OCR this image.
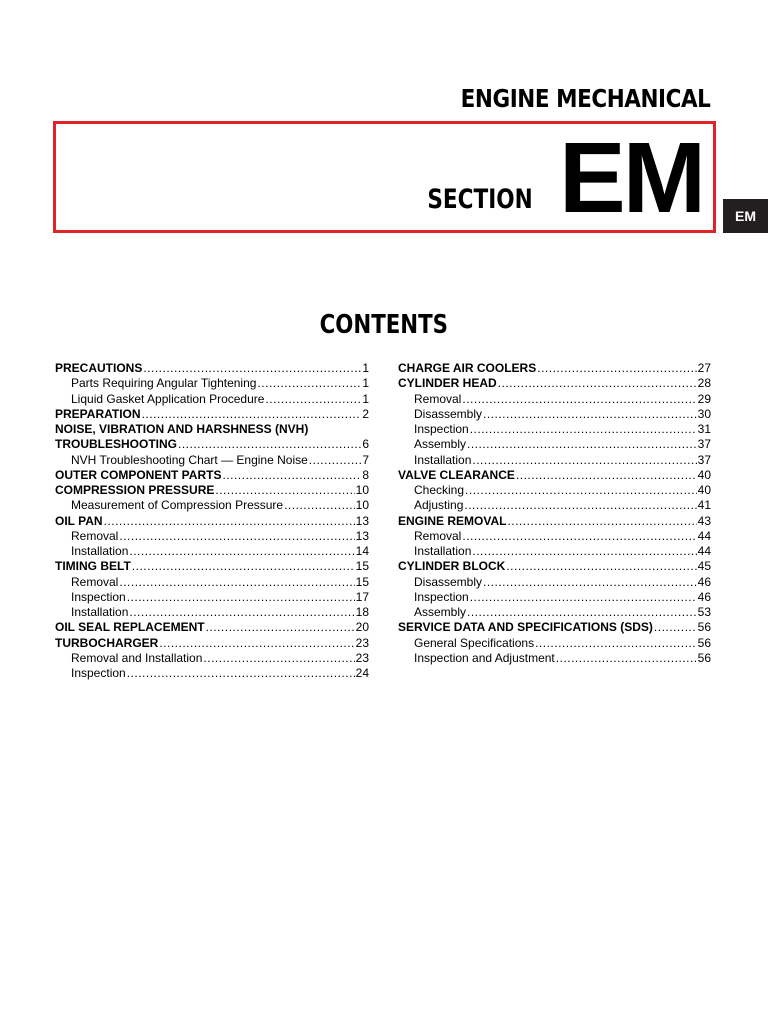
ENGINE MECHANICAL
SECTION EM	EM
CONTENTS
PRECAUTIONS .....	1
Parts Requiring Angular Tightening .....	1
Liquid Gasket Application Procedure .....	1
PREPARATION .....	2
NOISE, VIBRATION AND HARSHNESS (NVH)
TROUBLESHOOTING .....	6
NVH Troubleshooting Chart — Engine Noise .....	7
OUTER COMPONENT PARTS .....	8
COMPRESSION PRESSURE .....	10
Measurement of Compression Pressure .....	10
OIL PAN .....	13
Removal .....	13
Installation .....	14
TIMING BELT .....	15
Removal .....	15
Inspection .....	17
Installation .....	18
OIL SEAL REPLACEMENT .....	20
TURBOCHARGER .....	23
Removal and Installation .....	23
Inspection .....	24
CHARGE AIR COOLERS .....	27
CYLINDER HEAD .....	28
Removal .....	29
Disassembly .....	30
Inspection .....	31
Assembly .....	37
Installation .....	37
VALVE CLEARANCE .....	40
Checking .....	40
Adjusting .....	41
ENGINE REMOVAL .....	43
Removal .....	44
Installation .....	44
CYLINDER BLOCK .....	45
Disassembly .....	46
Inspection .....	46
Assembly .....	53
SERVICE DATA AND SPECIFICATIONS (SDS) .....	56
General Specifications .....	56
Inspection and Adjustment .....	56
